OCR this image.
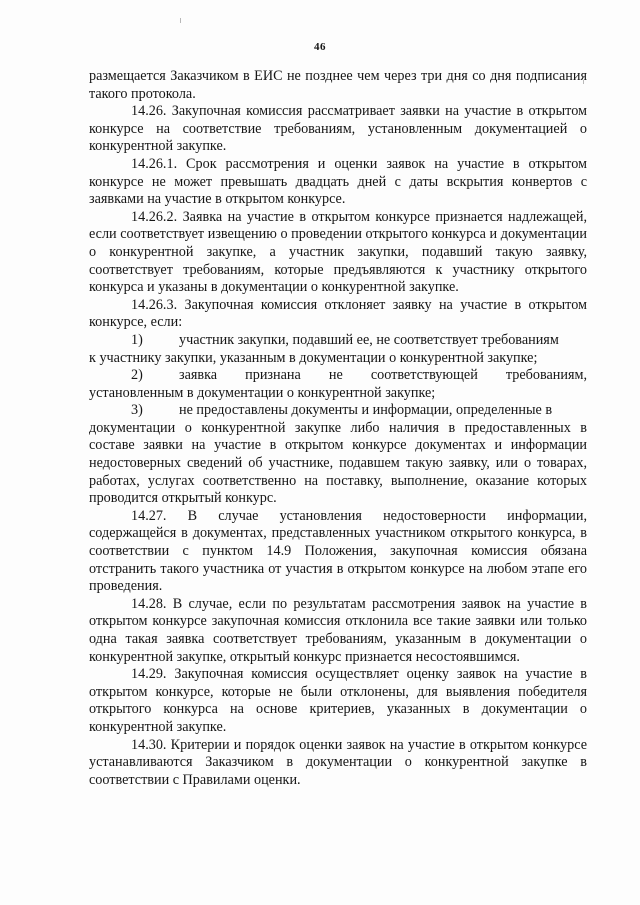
46

размещается Заказчиком в ЕИС не позднее чем через три дня со дня подписания такого протокола.

14.26. Закупочная комиссия рассматривает заявки на участие в открытом конкурсе на соответствие требованиям, установленным документацией о конкурентной закупке.

14.26.1. Срок рассмотрения и оценки заявок на участие в открытом конкурсе не может превышать двадцать дней с даты вскрытия конвертов с заявками на участие в открытом конкурсе.

14.26.2. Заявка на участие в открытом конкурсе признается надлежащей, если соответствует извещению о проведении открытого конкурса и документации о конкурентной закупке, а участник закупки, подавший такую заявку, соответствует требованиям, которые предъявляются к участнику открытого конкурса и указаны в документации о конкурентной закупке.

14.26.3. Закупочная комиссия отклоняет заявку на участие в открытом конкурсе, если:

1)	участник закупки, подавший ее, не соответствует требованиям

к участнику закупки, указанным в документации о конкурентной закупке;

2)	заявка признана не соответствующей требованиям,

установленным в документации о конкурентной закупке;

3)	не предоставлены документы и информации, определенные в

документации о конкурентной закупке либо наличия в предоставленных в составе заявки на участие в открытом конкурсе документах и информации недостоверных сведений об участнике, подавшем такую заявку, или о товарах, работах, услугах соответственно на поставку, выполнение, оказание которых проводится открытый конкурс.

14.27. В случае установления недостоверности информации, содержащейся в документах, представленных участником открытого конкурса, в соответствии с пунктом 14.9 Положения, закупочная комиссия обязана отстранить такого участника от участия в открытом конкурсе на любом этапе его проведения.

14.28. В случае, если по результатам рассмотрения заявок на участие в открытом конкурсе закупочная комиссия отклонила все такие заявки или только одна такая заявка соответствует требованиям, указанным в документации о конкурентной закупке, открытый конкурс признается несостоявшимся.

14.29. Закупочная комиссия осуществляет оценку заявок на участие в открытом конкурсе, которые не были отклонены, для выявления победителя открытого конкурса на основе критериев, указанных в документации о конкурентной закупке.

14.30. Критерии и порядок оценки заявок на участие в открытом конкурсе устанавливаются Заказчиком в документации о конкурентной закупке в соответствии с Правилами оценки.
